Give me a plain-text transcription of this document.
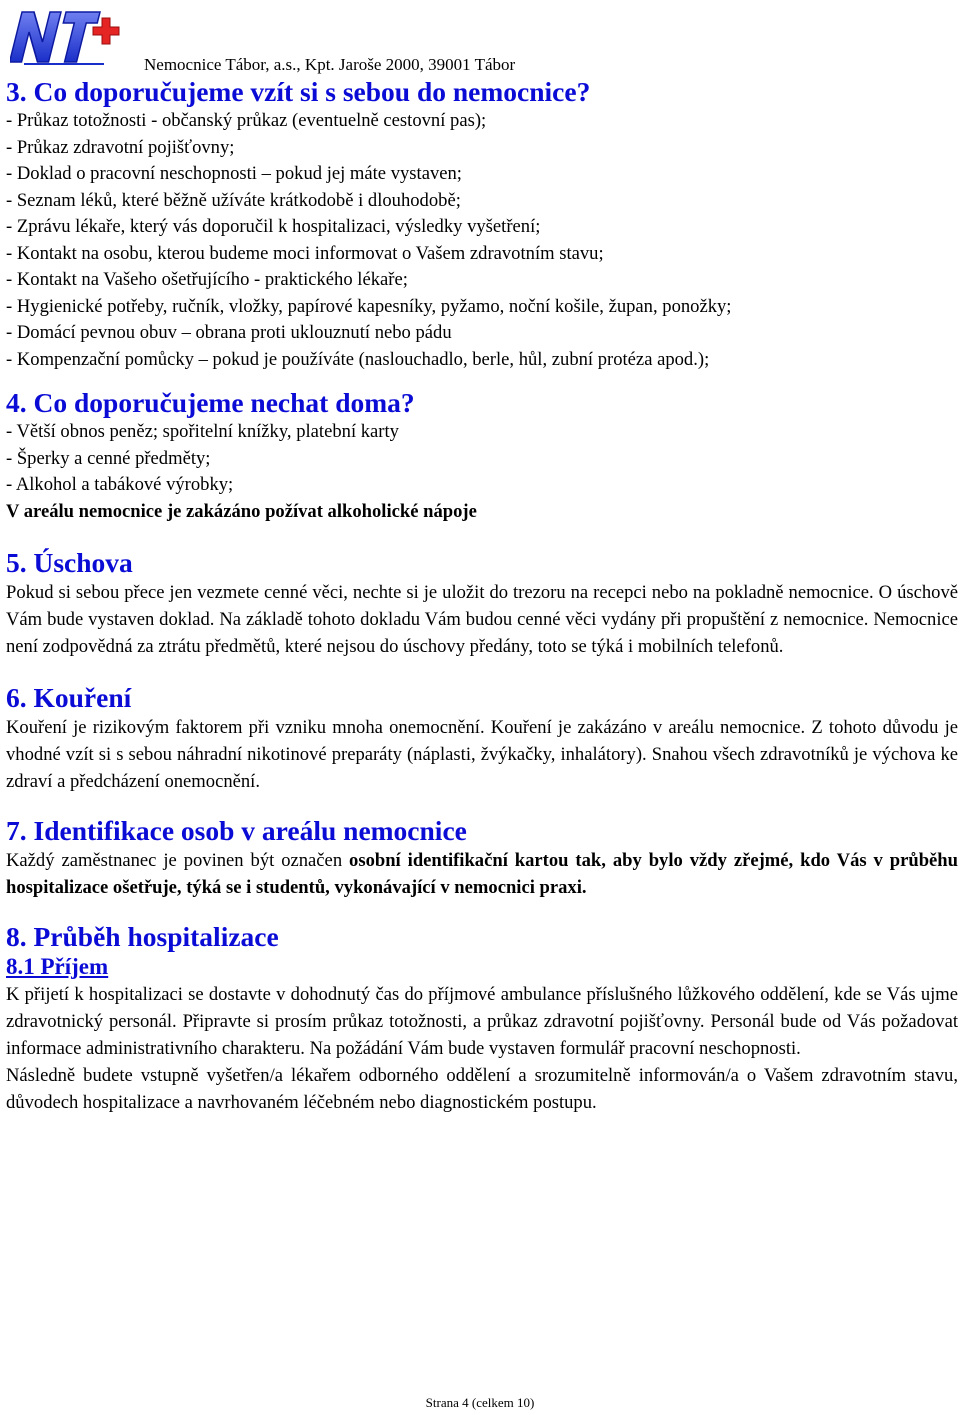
Nemocnice Tábor, a.s., Kpt. Jaroše 2000, 39001 Tábor
3. Co doporučujeme vzít si s sebou do nemocnice?
- Průkaz totožnosti - občanský průkaz (eventuelně cestovní pas);
- Průkaz zdravotní pojišťovny;
- Doklad o pracovní neschopnosti – pokud jej máte vystaven;
- Seznam léků, které běžně užíváte krátkodobě i dlouhodobě;
- Zprávu lékaře, který vás doporučil k hospitalizaci, výsledky vyšetření;
- Kontakt na osobu, kterou budeme moci informovat o Vašem zdravotním stavu;
- Kontakt na Vašeho ošetřujícího - praktického lékaře;
- Hygienické potřeby, ručník, vložky, papírové kapesníky, pyžamo, noční košile, župan, ponožky;
- Domácí pevnou obuv – obrana proti uklouznutí nebo pádu
- Kompenzační pomůcky – pokud je používáte (naslouchadlo, berle, hůl, zubní protéza apod.);
4. Co doporučujeme nechat doma?
- Větší obnos peněz; spořitelní knížky, platební karty
- Šperky a cenné předměty;
- Alkohol a tabákové výrobky;
V areálu nemocnice je zakázáno požívat alkoholické nápoje
5. Úschova
Pokud si sebou přece jen vezmete cenné věci, nechte si je uložit do trezoru na recepci nebo na pokladně nemocnice. O úschově Vám bude vystaven doklad. Na základě tohoto dokladu Vám budou cenné věci vydány při propuštění z nemocnice. Nemocnice není zodpovědná za ztrátu předmětů, které nejsou do úschovy předány, toto se týká i mobilních telefonů.
6. Kouření
Kouření je rizikovým faktorem při vzniku mnoha onemocnění. Kouření je zakázáno v areálu nemocnice. Z tohoto důvodu je vhodné vzít si s sebou náhradní nikotinové preparáty (náplasti, žvýkačky, inhalátory). Snahou všech zdravotníků je výchova ke zdraví a předcházení onemocnění.
7. Identifikace osob v areálu nemocnice
Každý zaměstnanec je povinen být označen osobní identifikační kartou tak, aby bylo vždy zřejmé, kdo Vás v průběhu hospitalizace ošetřuje, týká se i studentů, vykonávající v nemocnici praxi.
8. Průběh hospitalizace
8.1 Příjem
K přijetí k hospitalizaci se dostavte v dohodnutý čas do příjmové ambulance příslušného lůžkového oddělení, kde se Vás ujme zdravotnický personál. Připravte si prosím průkaz totožnosti, a průkaz zdravotní pojišťovny. Personál bude od Vás požadovat informace administrativního charakteru. Na požádání Vám bude vystaven formulář pracovní neschopnosti.
Následně budete vstupně vyšetřen/a lékařem odborného oddělení a srozumitelně informován/a o Vašem zdravotním stavu, důvodech hospitalizace a navrhovaném léčebném nebo diagnostickém postupu.
Strana 4 (celkem 10)
